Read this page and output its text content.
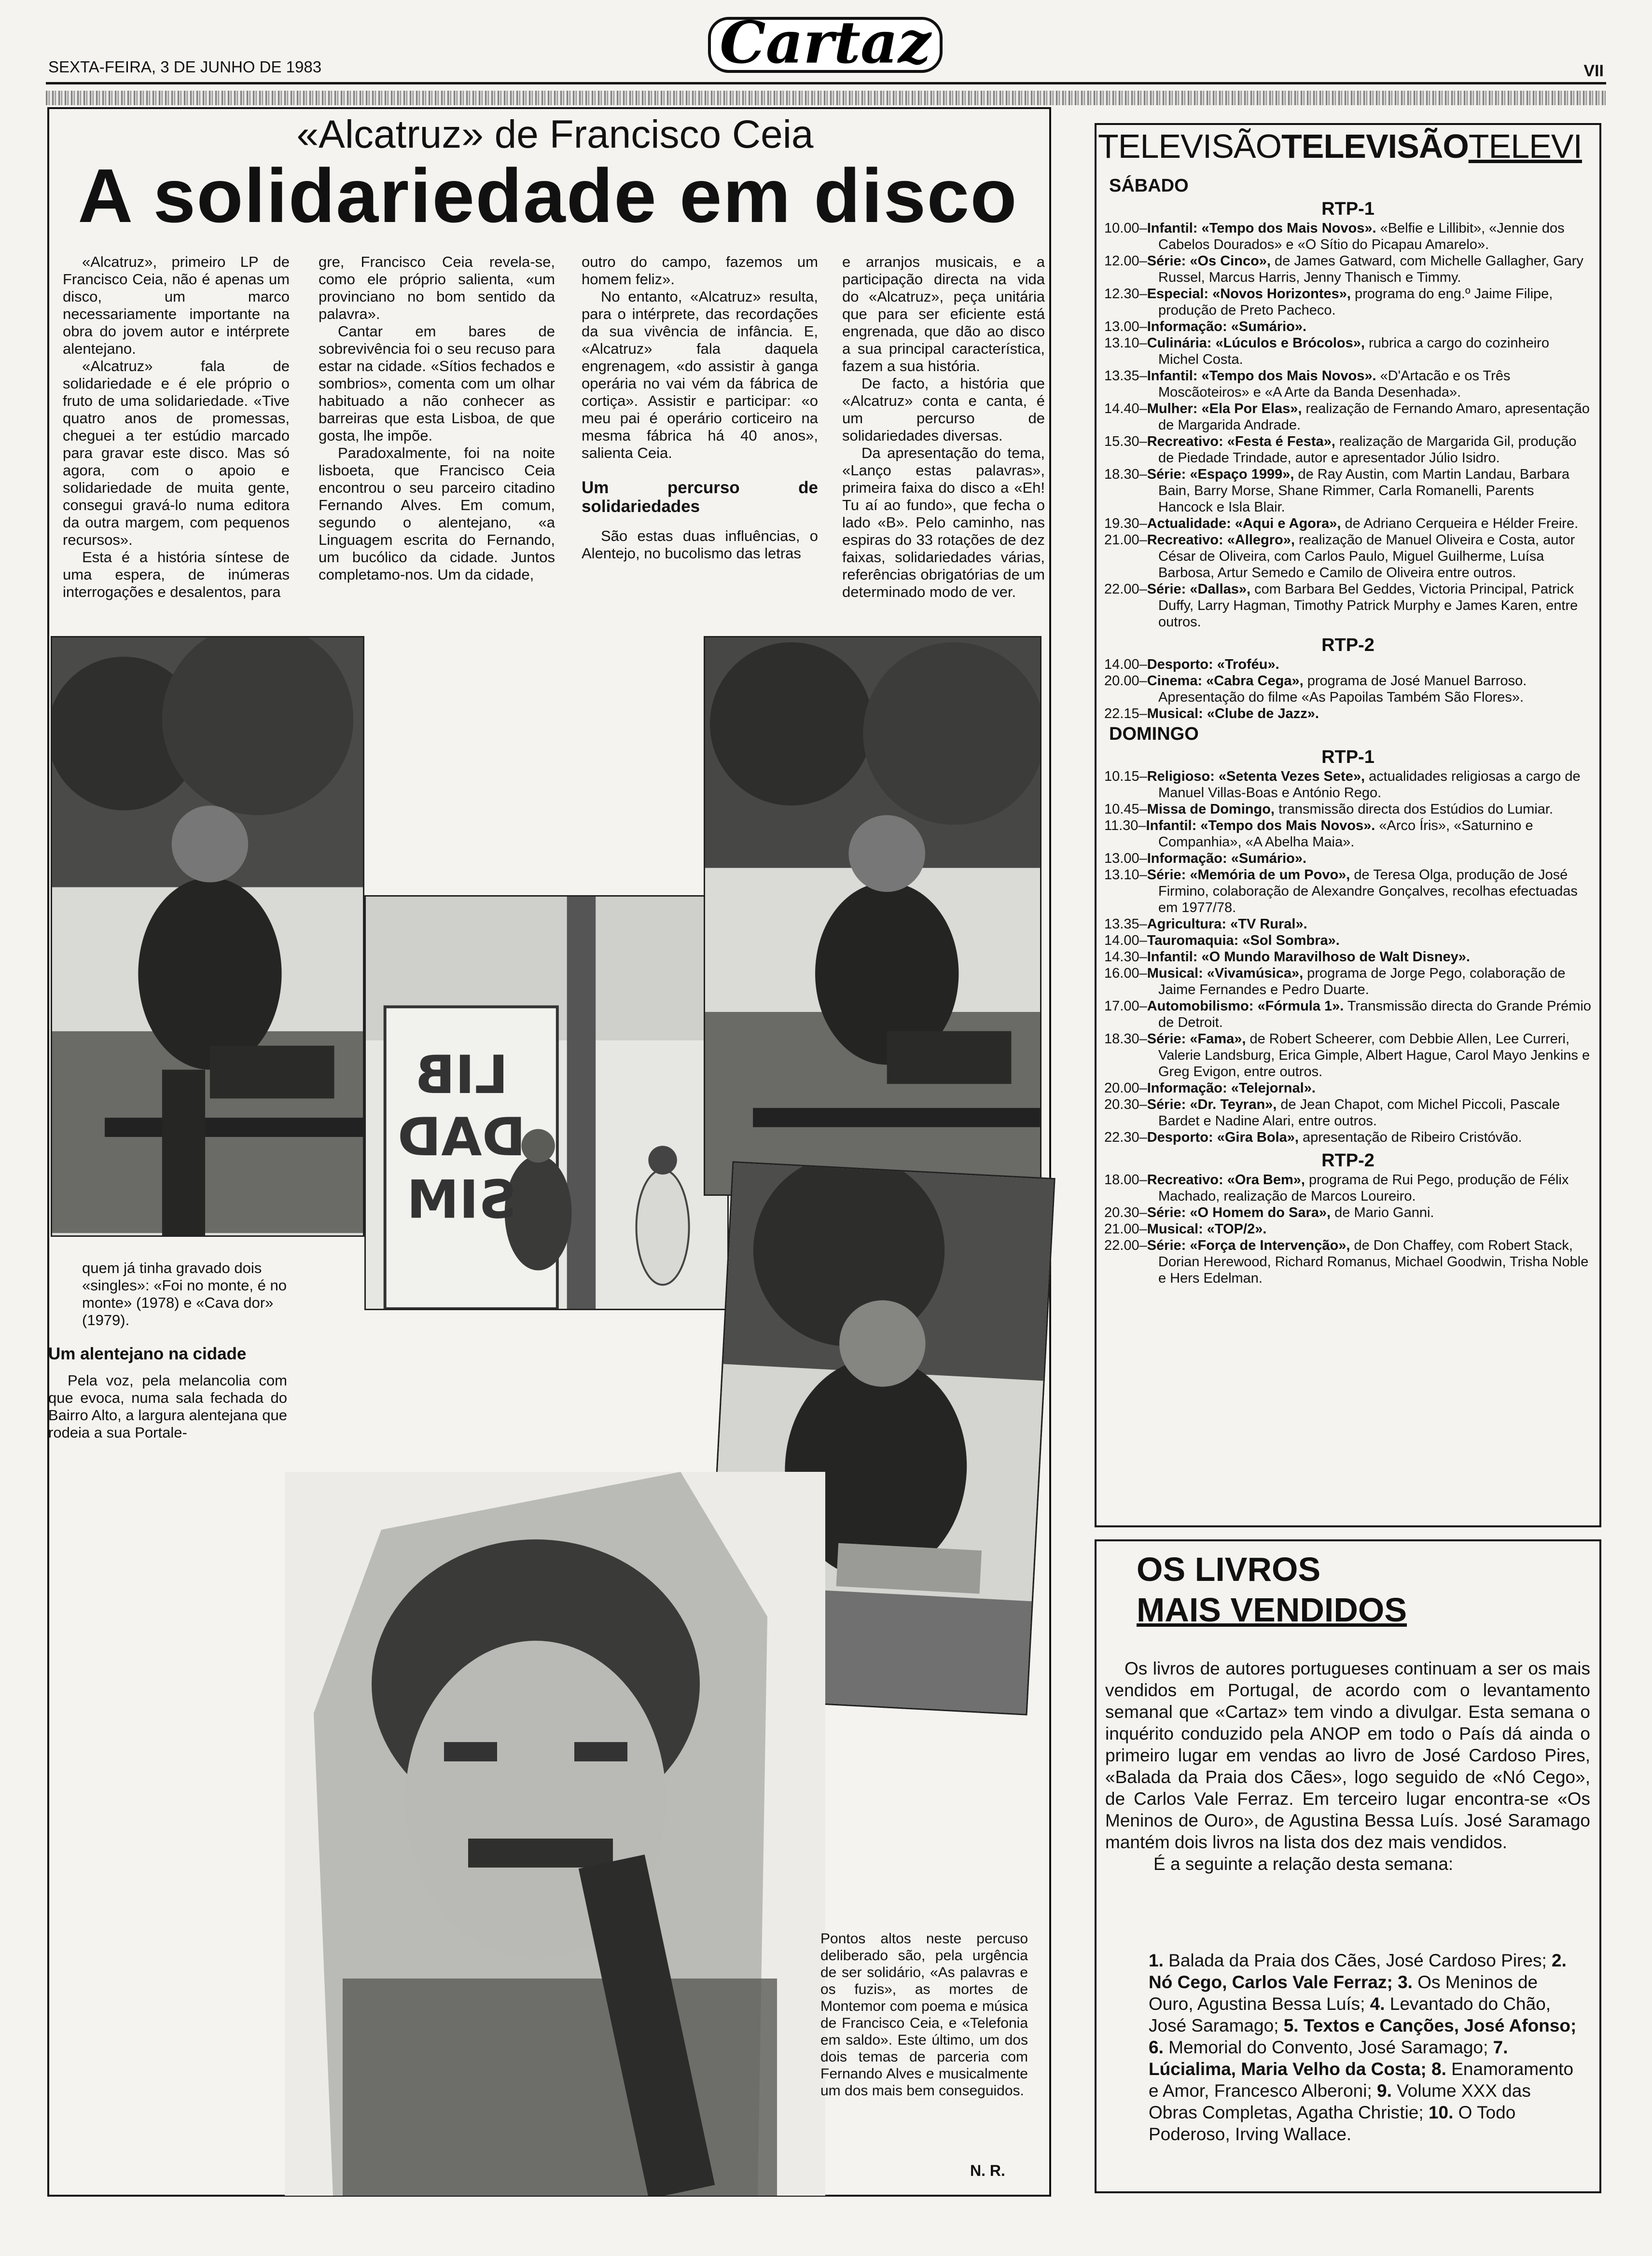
SEXTA-FEIRA, 3 DE JUNHO DE 1983	Cartaz	VII
«Alcatruz» de Francisco Ceia
A solidariedade em disco

«Alcatruz», primeiro LP de Francisco Ceia, não é apenas um disco, um marco necessariamente importante na obra do jovem autor e intérprete alentejano.

«Alcatruz» fala de solidariedade e é ele próprio o fruto de uma solidariedade. «Tive quatro anos de promessas, cheguei a ter estúdio marcado para gravar este disco. Mas só agora, com o apoio e solidariedade de muita gente, consegui gravá-lo numa editora da outra margem, com pequenos recursos».

Esta é a história síntese de uma espera, de inúmeras interrogações e desalentos, para

gre, Francisco Ceia revela-se, como ele próprio salienta, «um provinciano no bom sentido da palavra».

Cantar em bares de sobrevivência foi o seu recuso para estar na cidade. «Sítios fechados e sombrios», comenta com um olhar habituado a não conhecer as barreiras que esta Lisboa, de que gosta, lhe impõe.

Paradoxalmente, foi na noite lisboeta, que Francisco Ceia encontrou o seu parceiro citadino Fernando Alves. Em comum, segundo o alentejano, «a Linguagem escrita do Fernando, um bucólico da cidade. Juntos completamo-nos. Um da cidade,

outro do campo, fazemos um homem feliz».

No entanto, «Alcatruz» resulta, para o intérprete, das recordações da sua vivência de infância. E, «Alcatruz» fala daquela engrenagem, «do assistir à ganga operária no vai vém da fábrica de cortiça». Assistir e participar: «o meu pai é operário corticeiro na mesma fábrica há 40 anos», salienta Ceia.

Um percurso de solidariedades

São estas duas influências, o Alentejo, no bucolismo das letras

e arranjos musicais, e a participação directa na vida do «Alcatruz», peça unitária que para ser eficiente está engrenada, que dão ao disco a sua principal característica, fazem a sua história.

De facto, a história que «Alcatruz» conta e canta, é um percurso de solidariedades diversas.

Da apresentação do tema, «Lanço estas palavras», primeira faixa do disco a «Eh! Tu aí ao fundo», que fecha o lado «B». Pelo caminho, nas espiras do 33 rotações de dez faixas, solidariedades várias, referências obrigatórias de um determinado modo de ver.

LIB
DAD
SIM
quem já tinha gravado dois «singles»: «Foi no monte, é no monte» (1978) e «Cava dor» (1979).
Um alentejano na cidade

Pela voz, pela melancolia com que evoca, numa sala fechada do Bairro Alto, a largura alentejana que rodeia a sua Portale-

Pontos altos neste percuso deliberado são, pela urgência de ser solidário, «As palavras e os fuzis», as mortes de Montemor com poema e música de Francisco Ceia, e «Telefonia em saldo». Este último, um dos dois temas de parceria com Fernando Alves e musicalmente um dos mais bem conseguidos.
N. R.
TELEVISÃOTELEVISÃOTELEVI
SÁBADO
RTP-1

10.00–Infantil: «Tempo dos Mais Novos». «Belfie e Lillibit», «Jennie dos Cabelos Dourados» e «O Sítio do Picapau Amarelo».

12.00–Série: «Os Cinco», de James Gatward, com Michelle Gallagher, Gary Russel, Marcus Harris, Jenny Thanisch e Timmy.

12.30–Especial: «Novos Horizontes», programa do eng.º Jaime Filipe, produção de Preto Pacheco.

13.00–Informação: «Sumário».

13.10–Culinária: «Lúculos e Brócolos», rubrica a cargo do cozinheiro Michel Costa.

13.35–Infantil: «Tempo dos Mais Novos». «D'Artacão e os Três Moscãoteiros» e «A Arte da Banda Desenhada».

14.40–Mulher: «Ela Por Elas», realização de Fernando Amaro, apresentação de Margarida Andrade.

15.30–Recreativo: «Festa é Festa», realização de Margarida Gil, produção de Piedade Trindade, autor e apresentador Júlio Isidro.

18.30–Série: «Espaço 1999», de Ray Austin, com Martin Landau, Barbara Bain, Barry Morse, Shane Rimmer, Carla Romanelli, Parents Hancock e Isla Blair.

19.30–Actualidade: «Aqui e Agora», de Adriano Cerqueira e Hélder Freire.

21.00–Recreativo: «Allegro», realização de Manuel Oliveira e Costa, autor César de Oliveira, com Carlos Paulo, Miguel Guilherme, Luísa Barbosa, Artur Semedo e Camilo de Oliveira entre outros.

22.00–Série: «Dallas», com Barbara Bel Geddes, Victoria Principal, Patrick Duffy, Larry Hagman, Timothy Patrick Murphy e James Karen, entre outros.

RTP-2

14.00–Desporto: «Troféu».

20.00–Cinema: «Cabra Cega», programa de José Manuel Barroso. Apresentação do filme «As Papoilas Também São Flores».

22.15–Musical: «Clube de Jazz».

DOMINGO
RTP-1

10.15–Religioso: «Setenta Vezes Sete», actualidades religiosas a cargo de Manuel Villas-Boas e António Rego.

10.45–Missa de Domingo, transmissão directa dos Estúdios do Lumiar.

11.30–Infantil: «Tempo dos Mais Novos». «Arco Íris», «Saturnino e Companhia», «A Abelha Maia».

13.00–Informação: «Sumário».

13.10–Série: «Memória de um Povo», de Teresa Olga, produção de José Firmino, colaboração de Alexandre Gonçalves, recolhas efectuadas em 1977/78.

13.35–Agricultura: «TV Rural».

14.00–Tauromaquia: «Sol Sombra».

14.30–Infantil: «O Mundo Maravilhoso de Walt Disney».

16.00–Musical: «Vivamúsica», programa de Jorge Pego, colaboração de Jaime Fernandes e Pedro Duarte.

17.00–Automobilismo: «Fórmula 1». Transmissão directa do Grande Prémio de Detroit.

18.30–Série: «Fama», de Robert Scheerer, com Debbie Allen, Lee Curreri, Valerie Landsburg, Erica Gimple, Albert Hague, Carol Mayo Jenkins e Greg Evigon, entre outros.

20.00–Informação: «Telejornal».

20.30–Série: «Dr. Teyran», de Jean Chapot, com Michel Piccoli, Pascale Bardet e Nadine Alari, entre outros.

22.30–Desporto: «Gira Bola», apresentação de Ribeiro Cristóvão.

RTP-2

18.00–Recreativo: «Ora Bem», programa de Rui Pego, produção de Félix Machado, realização de Marcos Loureiro.

20.30–Série: «O Homem do Sara», de Mario Ganni.

21.00–Musical: «TOP/2».

22.00–Série: «Força de Intervenção», de Don Chaffey, com Robert Stack, Dorian Herewood, Richard Romanus, Michael Goodwin, Trisha Noble e Hers Edelman.

OS LIVROS
MAIS VENDIDOS
Os livros de autores portugueses continuam a ser os mais vendidos em Portugal, de acordo com o levantamento semanal que «Cartaz» tem vindo a divulgar. Esta semana o inquérito conduzido pela ANOP em todo o País dá ainda o primeiro lugar em vendas ao livro de José Cardoso Pires, «Balada da Praia dos Cães», logo seguido de «Nó Cego», de Carlos Vale Ferraz. Em terceiro lugar encontra-se «Os Meninos de Ouro», de Agustina Bessa Luís. José Saramago mantém dois livros na lista dos dez mais vendidos.
É a seguinte a relação desta semana:
1. Balada da Praia dos Cães, José Cardoso Pires; 2. Nó Cego, Carlos Vale Ferraz; 3. Os Meninos de Ouro, Agustina Bessa Luís; 4. Levantado do Chão, José Saramago; 5. Textos e Canções, José Afonso; 6. Memorial do Convento, José Saramago; 7. Lúcialima, Maria Velho da Costa; 8. Enamoramento e Amor, Francesco Alberoni; 9. Volume XXX das Obras Completas, Agatha Christie; 10. O Todo Poderoso, Irving Wallace.
